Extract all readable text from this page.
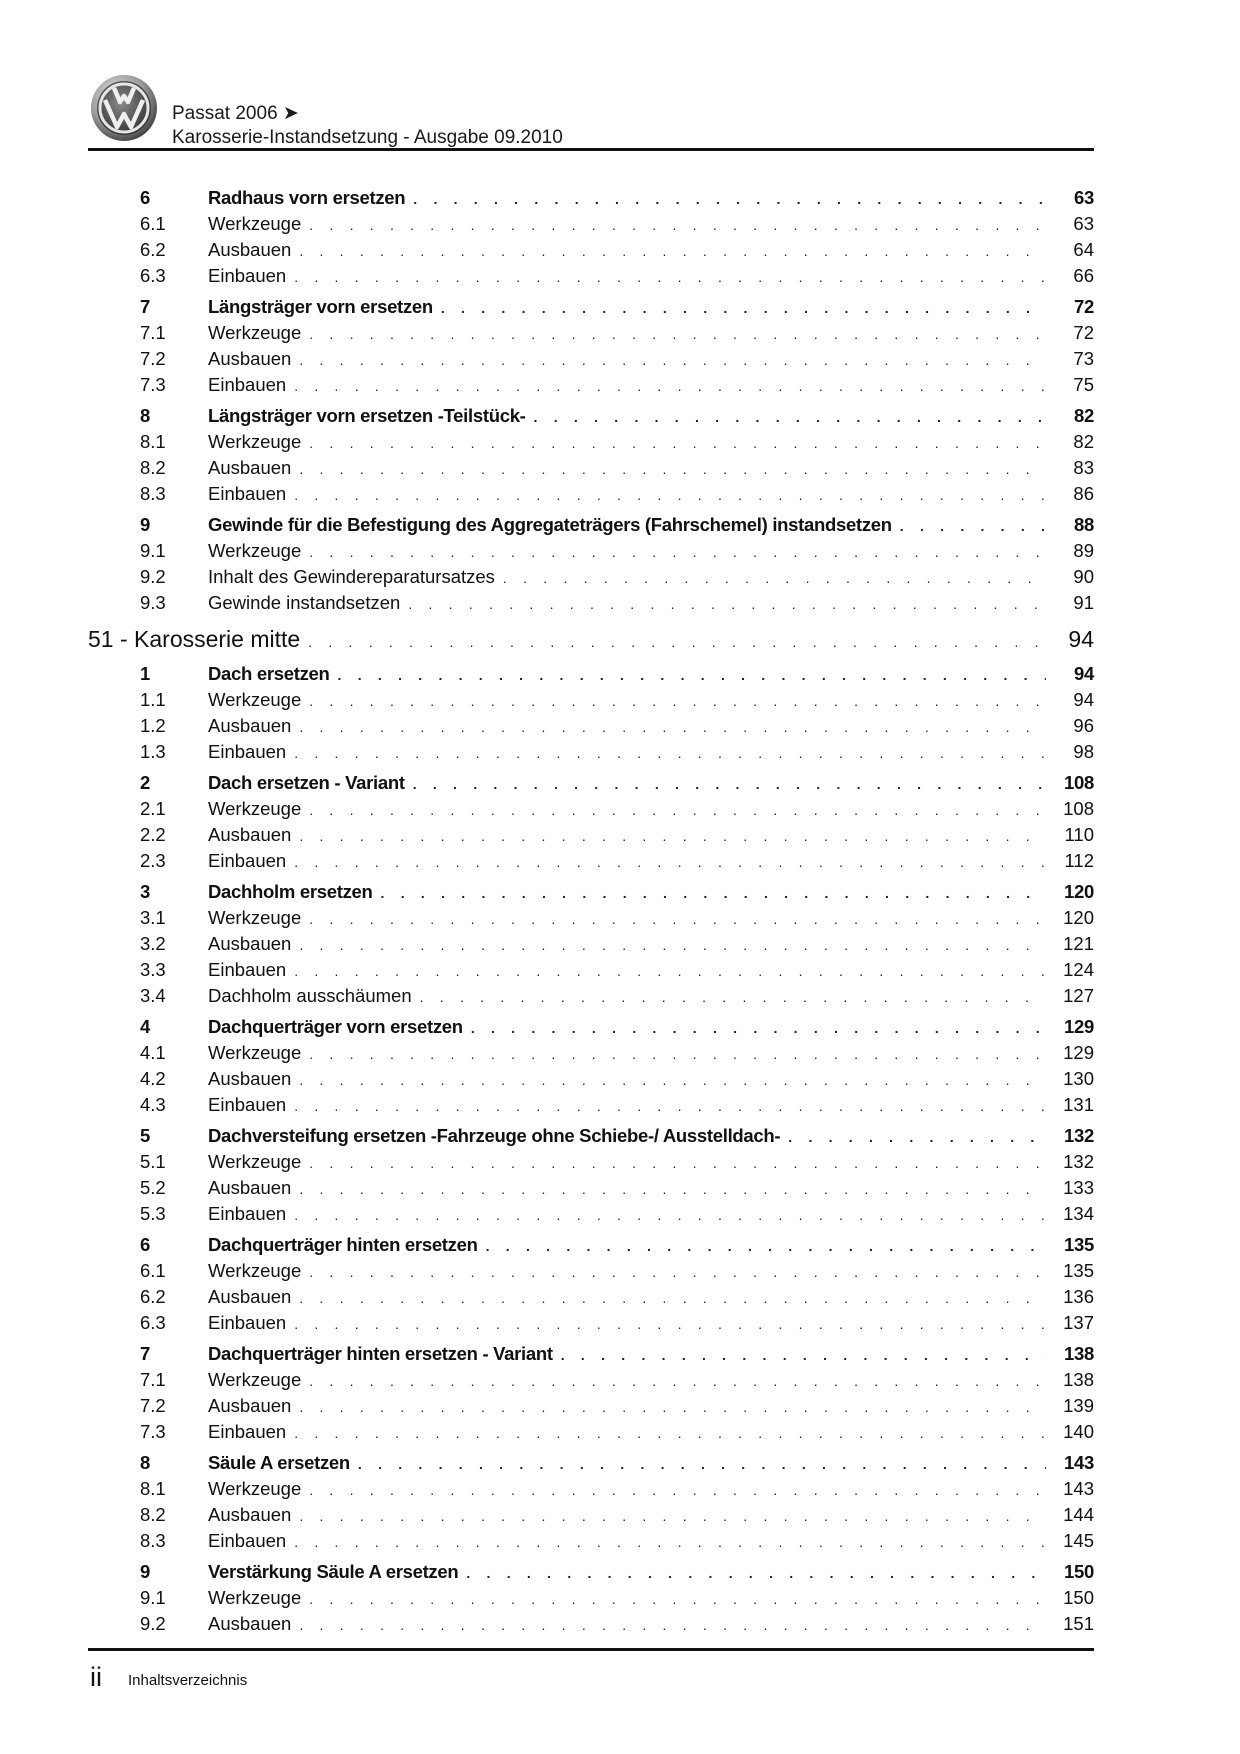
Passat 2006 ➤
Karosserie-Instandsetzung - Ausgabe 09.2010
6	Radhaus vorn ersetzen . . .	63
6.1	Werkzeuge . . .	63
6.2	Ausbauen . . .	64
6.3	Einbauen . . .	66
7	Längsträger vorn ersetzen . . .	72
7.1	Werkzeuge . . .	72
7.2	Ausbauen . . .	73
7.3	Einbauen . . .	75
8	Längsträger vorn ersetzen -Teilstück- . . .	82
8.1	Werkzeuge . . .	82
8.2	Ausbauen . . .	83
8.3	Einbauen . . .	86
9	Gewinde für die Befestigung des Aggregateträgers (Fahrschemel) instandsetzen . . .	88
9.1	Werkzeuge . . .	89
9.2	Inhalt des Gewindereparatursatzes . . .	90
9.3	Gewinde instandsetzen . . .	91
51 - Karosserie mitte . . .	94
1	Dach ersetzen . . .	94
1.1	Werkzeuge . . .	94
1.2	Ausbauen . . .	96
1.3	Einbauen . . .	98
2	Dach ersetzen - Variant . . .	108
2.1	Werkzeuge . . .	108
2.2	Ausbauen . . .	110
2.3	Einbauen . . .	112
3	Dachholm ersetzen . . .	120
3.1	Werkzeuge . . .	120
3.2	Ausbauen . . .	121
3.3	Einbauen . . .	124
3.4	Dachholm ausschäumen . . .	127
4	Dachquerträger vorn ersetzen . . .	129
4.1	Werkzeuge . . .	129
4.2	Ausbauen . . .	130
4.3	Einbauen . . .	131
5	Dachversteifung ersetzen -Fahrzeuge ohne Schiebe-/ Ausstelldach- . . .	132
5.1	Werkzeuge . . .	132
5.2	Ausbauen . . .	133
5.3	Einbauen . . .	134
6	Dachquerträger hinten ersetzen . . .	135
6.1	Werkzeuge . . .	135
6.2	Ausbauen . . .	136
6.3	Einbauen . . .	137
7	Dachquerträger hinten ersetzen - Variant . . .	138
7.1	Werkzeuge . . .	138
7.2	Ausbauen . . .	139
7.3	Einbauen . . .	140
8	Säule A ersetzen . . .	143
8.1	Werkzeuge . . .	143
8.2	Ausbauen . . .	144
8.3	Einbauen . . .	145
9	Verstärkung Säule A ersetzen . . .	150
9.1	Werkzeuge . . .	150
9.2	Ausbauen . . .	151
ii Inhaltsverzeichnis
